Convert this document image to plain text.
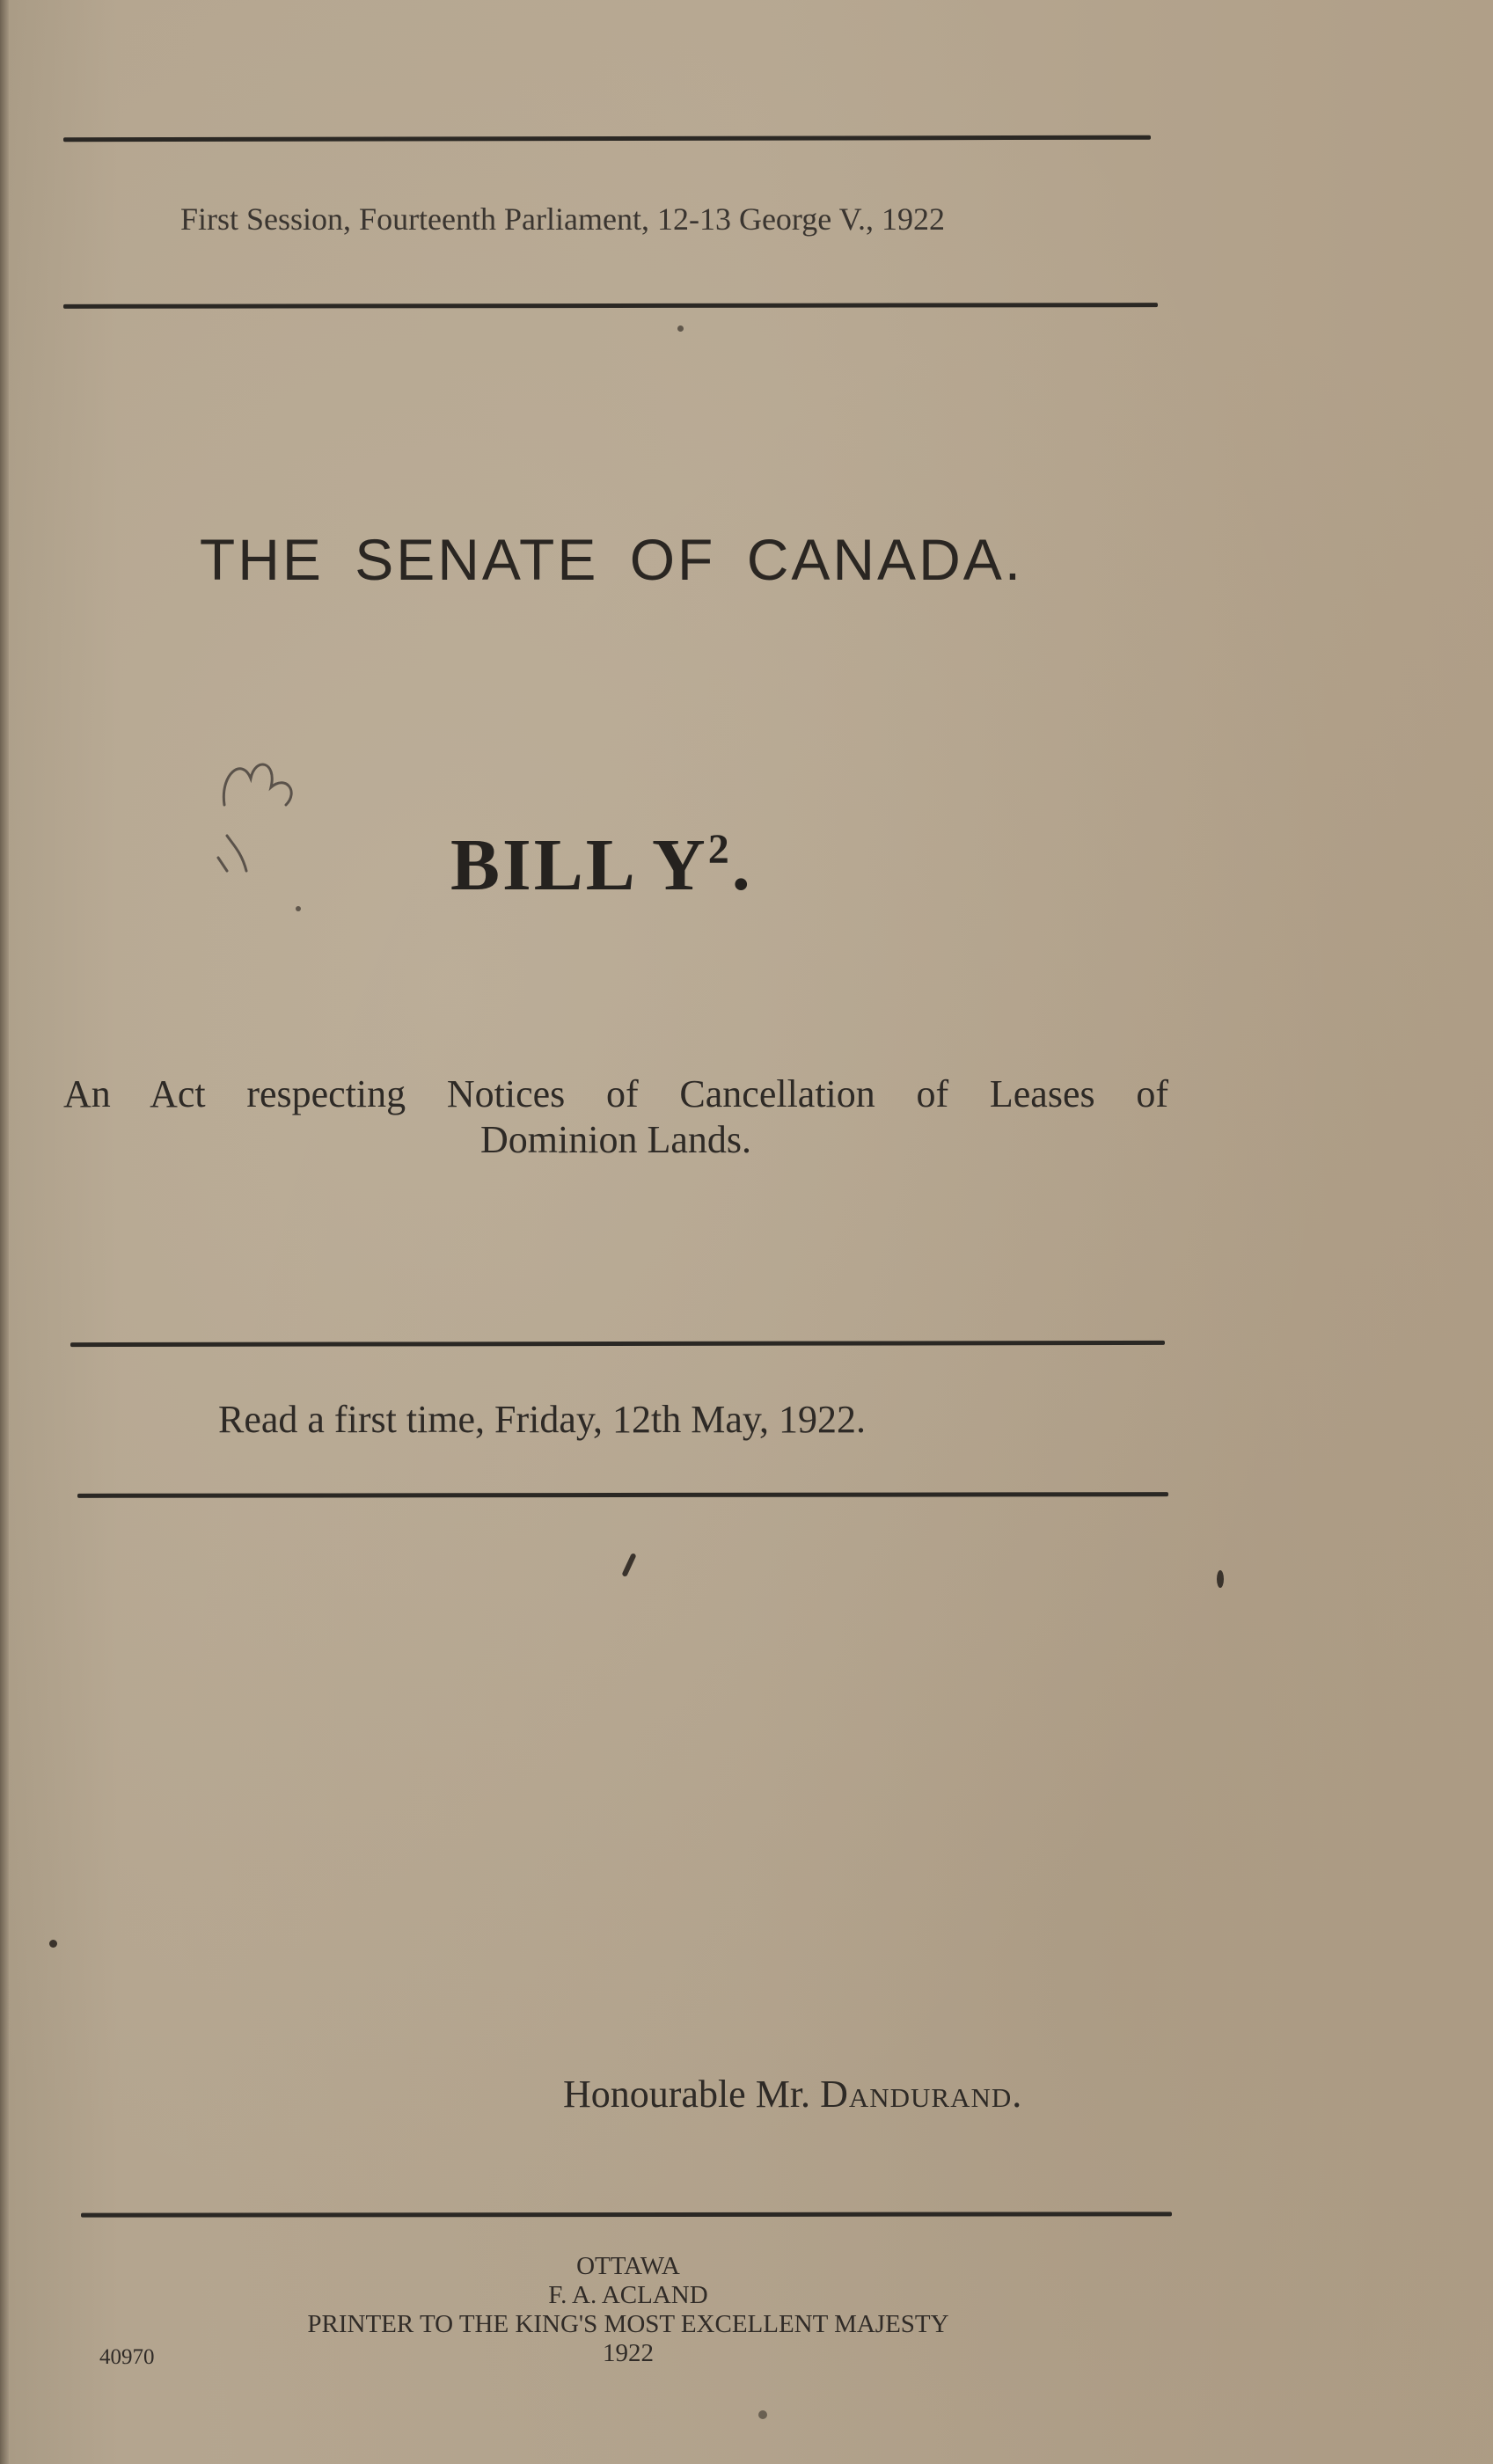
First Session, Fourteenth Parliament, 12-13 George V., 1922
THE SENATE OF CANADA.
BILL $Y^2$.
An Act respecting Notices of Cancellation of Leases of
Dominion Lands.
Read a first time, Friday, 12th May, 1922.
Honourable Mr. Dandurand.
OTTAWA
F. A. ACLAND
PRINTER TO THE KING'S MOST EXCELLENT MAJESTY
1922
40970
